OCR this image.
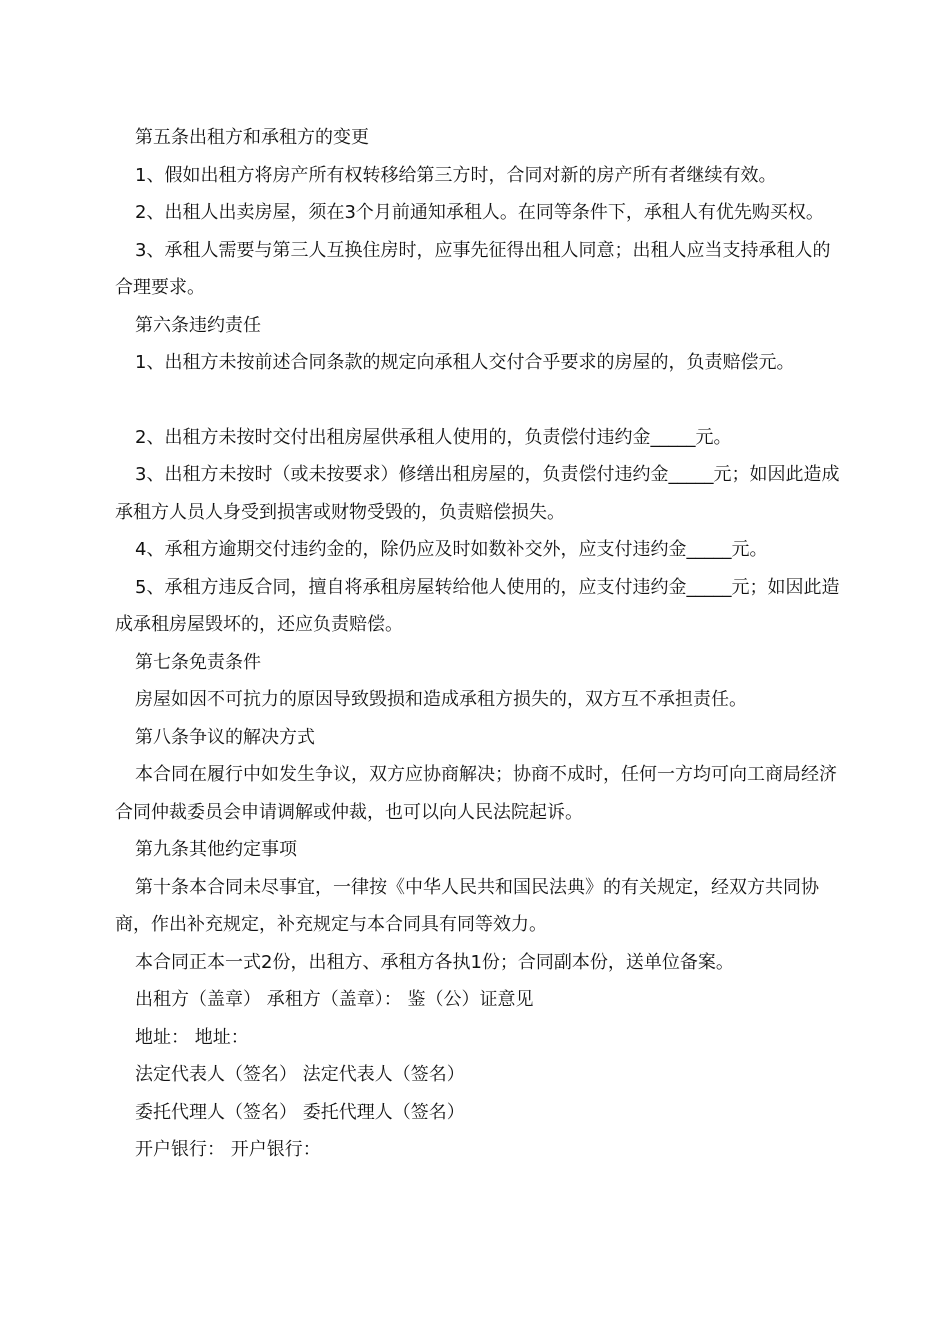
第五条出租方和承租方的变更

1、假如出租方将房产所有权转移给第三方时，合同对新的房产所有者继续有效。

2、出租人出卖房屋，须在3个月前通知承租人。在同等条件下，承租人有优先购买权。

3、承租人需要与第三人互换住房时，应事先征得出租人同意；出租人应当支持承租人的合理要求。

第六条违约责任

1、出租方未按前述合同条款的规定向承租人交付合乎要求的房屋的，负责赔偿元。

2、出租方未按时交付出租房屋供承租人使用的，负责偿付违约金_____元。

3、出租方未按时（或未按要求）修缮出租房屋的，负责偿付违约金_____元；如因此造成承租方人员人身受到损害或财物受毁的，负责赔偿损失。

4、承租方逾期交付违约金的，除仍应及时如数补交外，应支付违约金_____元。

5、承租方违反合同，擅自将承租房屋转给他人使用的，应支付违约金_____元；如因此造成承租房屋毁坏的，还应负责赔偿。

第七条免责条件

房屋如因不可抗力的原因导致毁损和造成承租方损失的，双方互不承担责任。

第八条争议的解决方式

本合同在履行中如发生争议，双方应协商解决；协商不成时，任何一方均可向工商局经济合同仲裁委员会申请调解或仲裁，也可以向人民法院起诉。

第九条其他约定事项

第十条本合同未尽事宜，一律按《中华人民共和国民法典》的有关规定，经双方共同协商，作出补充规定，补充规定与本合同具有同等效力。

本合同正本一式2份，出租方、承租方各执1份；合同副本份，送单位备案。

出租方（盖章） 承租方（盖章）： 鉴（公）证意见

地址： 地址：

法定代表人（签名） 法定代表人（签名）

委托代理人（签名） 委托代理人（签名）

开户银行： 开户银行：
